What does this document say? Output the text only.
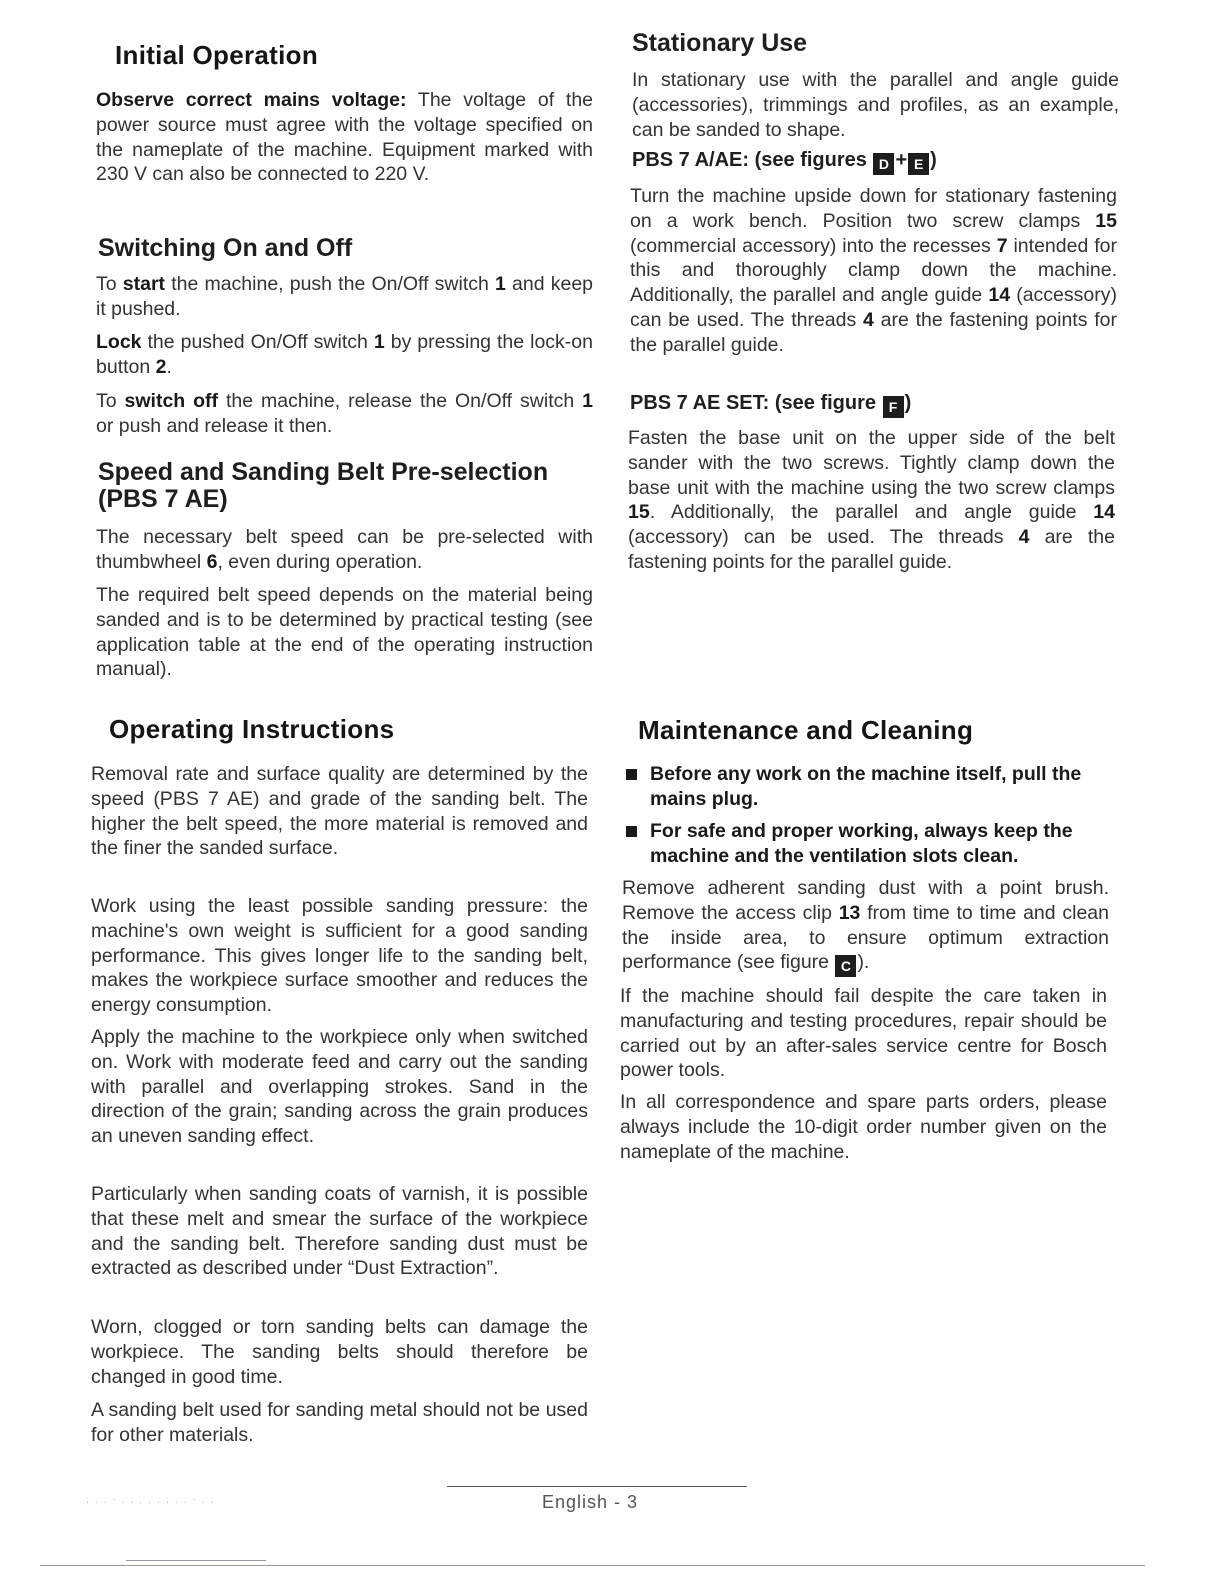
Initial Operation

Observe correct mains voltage: The voltage of the power source must agree with the voltage specified on the nameplate of the machine. Equipment marked with 230 V can also be connected to 220 V.

Switching On and Off

To start the machine, push the On/Off switch 1 and keep it pushed.

Lock the pushed On/Off switch 1 by pressing the lock-on button 2.

To switch off the machine, release the On/Off switch 1 or push and release it then.

Speed and Sanding Belt Pre-selection
(PBS 7 AE)

The necessary belt speed can be pre-selected with thumbwheel 6, even during operation.

The required belt speed depends on the material being sanded and is to be determined by practical testing (see application table at the end of the operating instruction manual).

Operating Instructions

Removal rate and surface quality are determined by the speed (PBS 7 AE) and grade of the sanding belt. The higher the belt speed, the more material is removed and the finer the sanded surface.

Work using the least possible sanding pressure: the machine's own weight is sufficient for a good sanding performance. This gives longer life to the sanding belt, makes the workpiece surface smoother and reduces the energy consumption.

Apply the machine to the workpiece only when switched on. Work with moderate feed and carry out the sanding with parallel and overlapping strokes. Sand in the direction of the grain; sanding across the grain produces an uneven sanding effect.

Particularly when sanding coats of varnish, it is possible that these melt and smear the surface of the workpiece and the sanding belt. Therefore sanding dust must be extracted as described under “Dust Extraction”.

Worn, clogged or torn sanding belts can damage the workpiece. The sanding belts should therefore be changed in good time.

A sanding belt used for sanding metal should not be used for other materials.

Stationary Use

In stationary use with the parallel and angle guide (accessories), trimmings and profiles, as an example, can be sanded to shape.

PBS 7 A/AE: (see figures D + E )

Turn the machine upside down for stationary fastening on a work bench. Position two screw clamps 15 (commercial accessory) into the recesses 7 intended for this and thoroughly clamp down the machine. Additionally, the parallel and angle guide 14 (accessory) can be used. The threads 4 are the fastening points for the parallel guide.

PBS 7 AE SET: (see figure F )

Fasten the base unit on the upper side of the belt sander with the two screws. Tightly clamp down the base unit with the machine using the two screw clamps 15. Additionally, the parallel and angle guide 14 (accessory) can be used. The threads 4 are the fastening points for the parallel guide.

Maintenance and Cleaning
Before any work on the machine itself, pull the mains plug.
For safe and proper working, always keep the machine and the ventilation slots clean.

Remove adherent sanding dust with a point brush. Remove the access clip 13 from time to time and clean the inside area, to ensure optimum extraction performance (see figure C ).

If the machine should fail despite the care taken in manufacturing and testing procedures, repair should be carried out by an after-sales service centre for Bosch power tools.

In all correspondence and spare parts orders, please always include the 10-digit order number given on the nameplate of the machine.

English - 3
· · · ˉ · · · · · · · · ˉ · ·
